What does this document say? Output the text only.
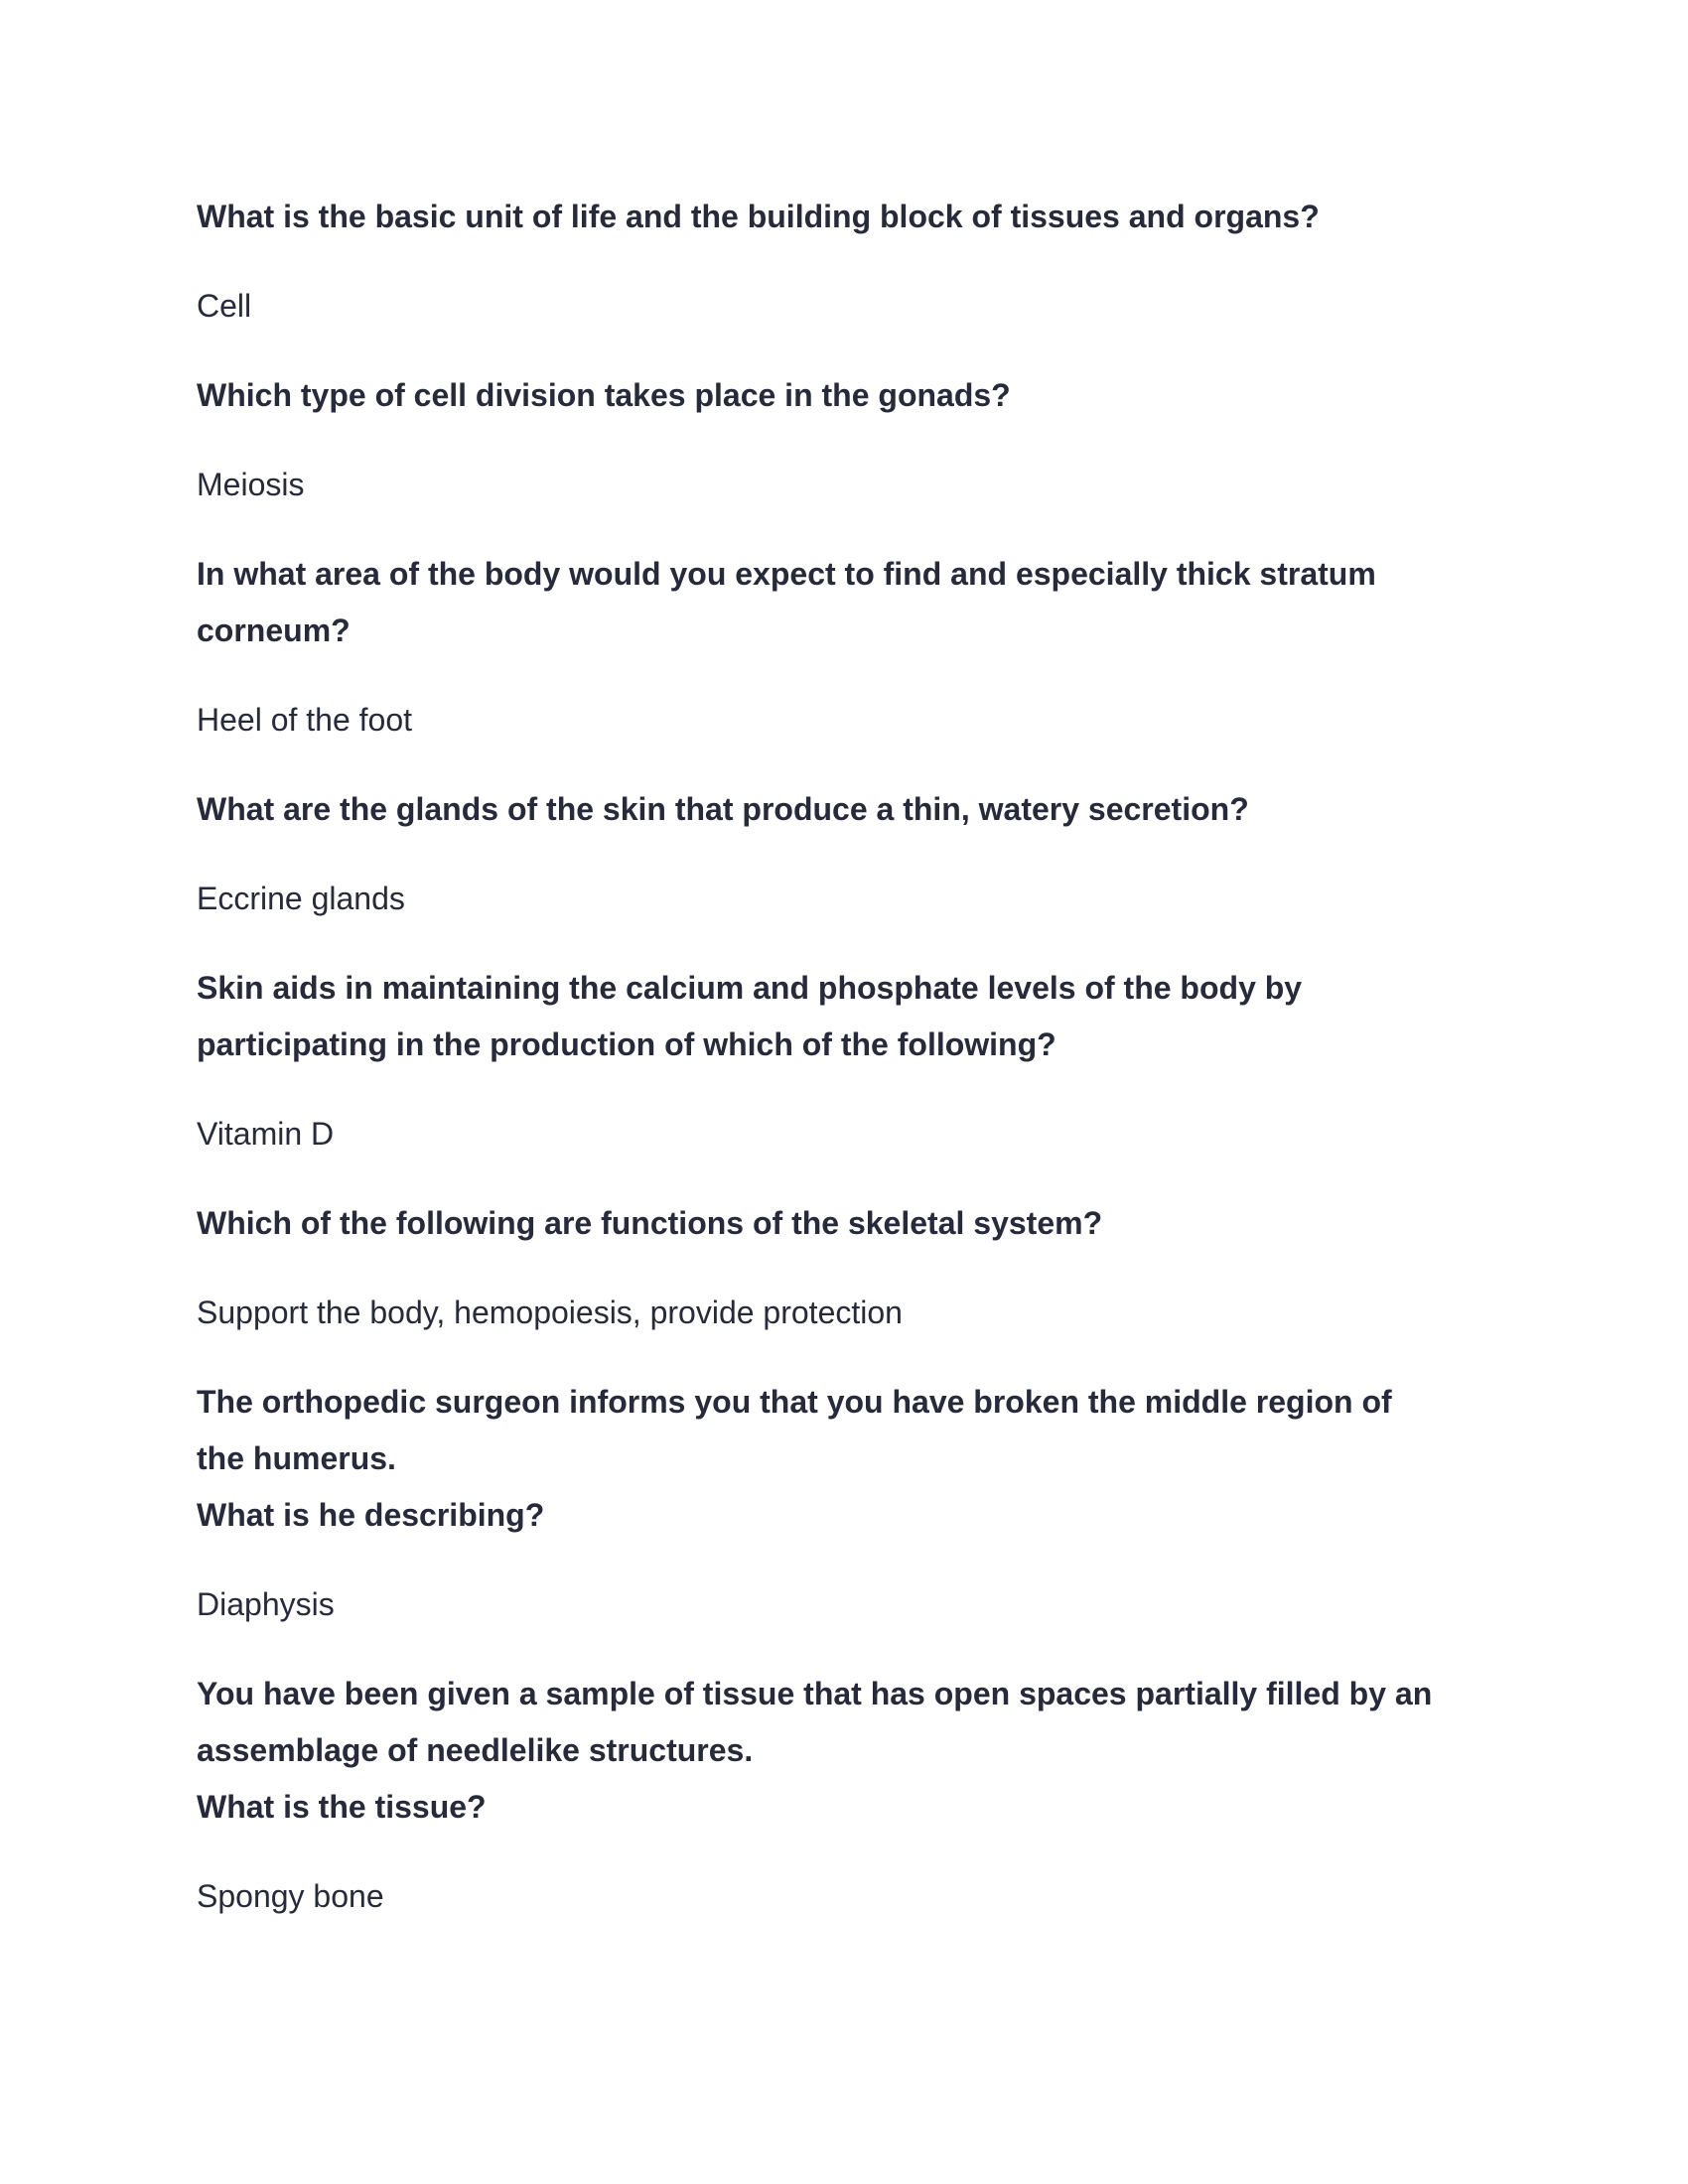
What is the basic unit of life and the building block of tissues and organs?
Cell
Which type of cell division takes place in the gonads?
Meiosis
In what area of the body would you expect to find and especially thick stratum
corneum?
Heel of the foot
What are the glands of the skin that produce a thin, watery secretion?
Eccrine glands
Skin aids in maintaining the calcium and phosphate levels of the body by
participating in the production of which of the following?
Vitamin D
Which of the following are functions of the skeletal system?
Support the body, hemopoiesis, provide protection
The orthopedic surgeon informs you that you have broken the middle region of
the humerus.
What is he describing?
Diaphysis
You have been given a sample of tissue that has open spaces partially filled by an
assemblage of needlelike structures.
What is the tissue?
Spongy bone
